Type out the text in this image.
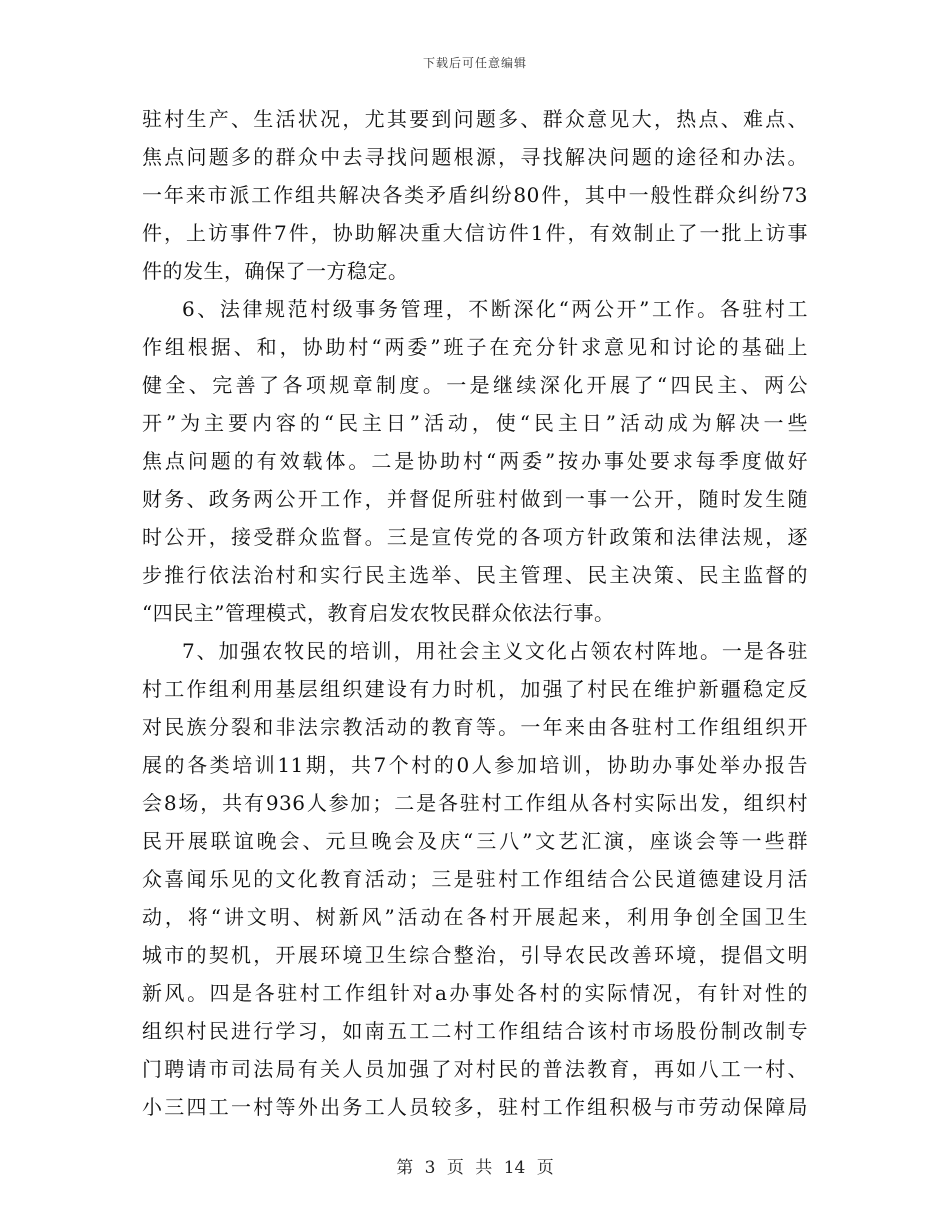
下载后可任意编辑
驻村生产、生活状况，尤其要到问题多、群众意见大，热点、难点、
焦点问题多的群众中去寻找问题根源，寻找解决问题的途径和办法。
一年来市派工作组共解决各类矛盾纠纷80件，其中一般性群众纠纷73
件，上访事件7件，协助解决重大信访件1件，有效制止了一批上访事
件的发生，确保了一方稳定。
6、法律规范村级事务管理，不断深化“两公开”工作。各驻村工
作组根据、和，协助村“两委”班子在充分针求意见和讨论的基础上
健全、完善了各项规章制度。一是继续深化开展了“四民主、两公
开”为主要内容的“民主日”活动，使“民主日”活动成为解决一些
焦点问题的有效载体。二是协助村“两委”按办事处要求每季度做好
财务、政务两公开工作，并督促所驻村做到一事一公开，随时发生随
时公开，接受群众监督。三是宣传党的各项方针政策和法律法规，逐
步推行依法治村和实行民主选举、民主管理、民主决策、民主监督的
“四民主”管理模式，教育启发农牧民群众依法行事。
7、加强农牧民的培训，用社会主义文化占领农村阵地。一是各驻
村工作组利用基层组织建设有力时机，加强了村民在维护新疆稳定反
对民族分裂和非法宗教活动的教育等。一年来由各驻村工作组组织开
展的各类培训11期，共7个村的0人参加培训，协助办事处举办报告
会8场，共有936人参加；二是各驻村工作组从各村实际出发，组织村
民开展联谊晚会、元旦晚会及庆“三八”文艺汇演，座谈会等一些群
众喜闻乐见的文化教育活动；三是驻村工作组结合公民道德建设月活
动，将“讲文明、树新风”活动在各村开展起来，利用争创全国卫生
城市的契机，开展环境卫生综合整治，引导农民改善环境，提倡文明
新风。四是各驻村工作组针对a办事处各村的实际情况，有针对性的
组织村民进行学习，如南五工二村工作组结合该村市场股份制改制专
门聘请市司法局有关人员加强了对村民的普法教育，再如八工一村、
小三四工一村等外出务工人员较多，驻村工作组积极与市劳动保障局
第 3 页 共 14 页
